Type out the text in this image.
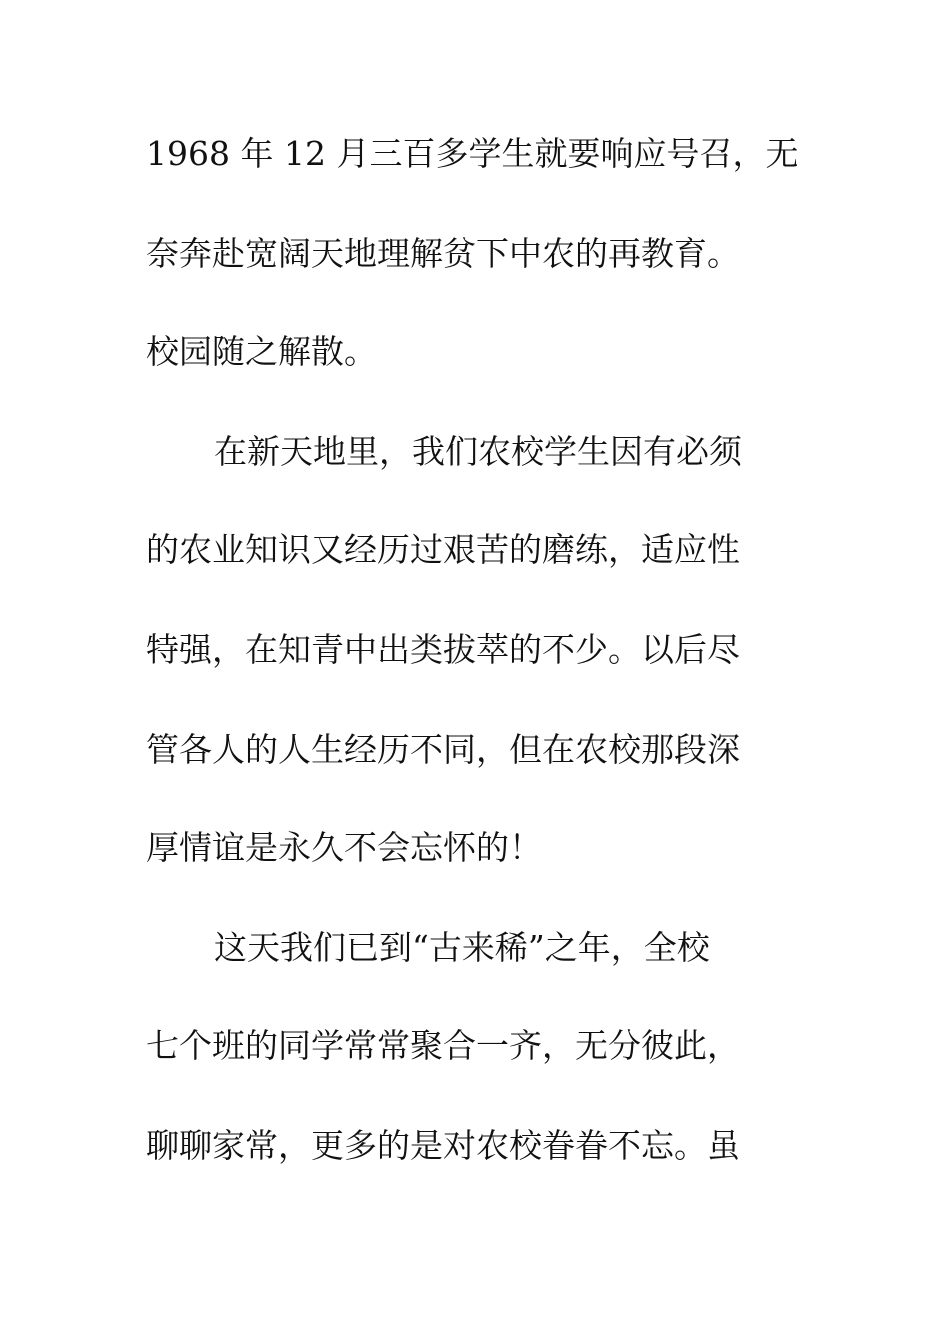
1968 年 12 月三百多学生就要响应号召，无

奈奔赴宽阔天地理解贫下中农的再教育。

校园随之解散。

在新天地里，我们农校学生因有必须

的农业知识又经历过艰苦的磨练，适应性

特强，在知青中出类拔萃的不少。以后尽

管各人的人生经历不同，但在农校那段深

厚情谊是永久不会忘怀的！

这天我们已到“古来稀”之年，全校

七个班的同学常常聚合一齐，无分彼此，

聊聊家常，更多的是对农校眷眷不忘。虽
